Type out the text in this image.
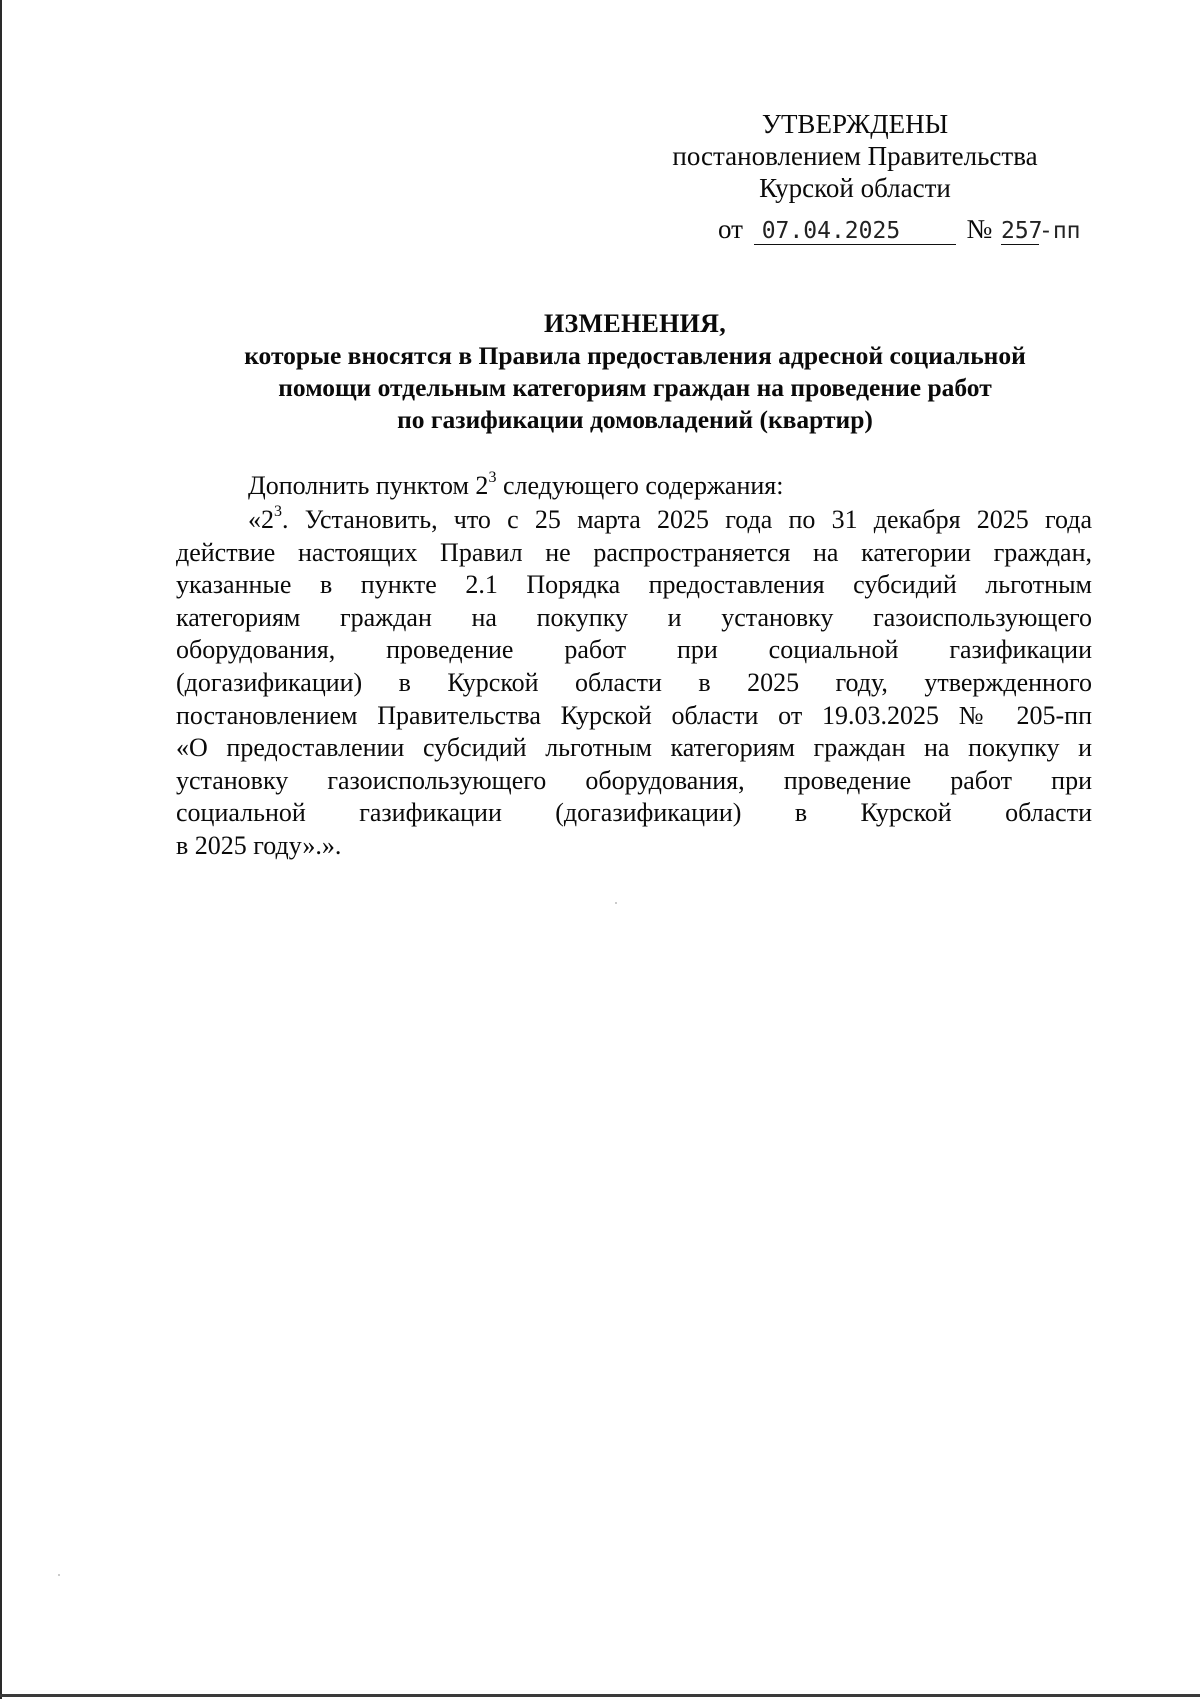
УТВЕРЖДЕНЫ
постановлением Правительства
Курской области
от 07.04.2025 № 257-пп
ИЗМЕНЕНИЯ,
которые вносятся в Правила предоставления адресной социальной
помощи отдельным категориям граждан на проведение работ
по газификации домовладений (квартир)
Дополнить пунктом $2^3$ следующего содержания:
«$2^3$. Установить, что с 25 марта 2025 года по 31 декабря 2025 года
действие настоящих Правил не распространяется на категории граждан,
указанные в пункте 2.1 Порядка предоставления субсидий льготным
категориям граждан на покупку и установку газоиспользующего
оборудования, проведение работ при социальной газификации
(догазификации) в Курской области в 2025 году, утвержденного
постановлением Правительства Курской области от 19.03.2025 № 205-пп
«О предоставлении субсидий льготным категориям граждан на покупку и
установку газоиспользующего оборудования, проведение работ при
социальной газификации (догазификации) в Курской области
в 2025 году».».
